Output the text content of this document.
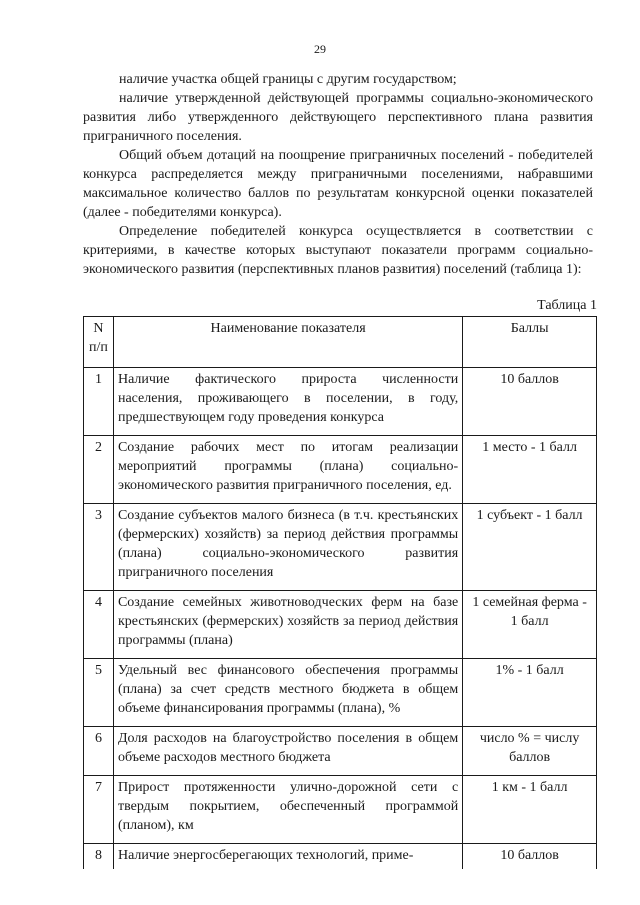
29

наличие участка общей границы с другим государством;

наличие утвержденной действующей программы социально-экономического развития либо утвержденного действующего перспективного плана развития приграничного поселения.

Общий объем дотаций на поощрение приграничных поселений - победителей конкурса распределяется между приграничными поселениями, набравшими максимальное количество баллов по результатам конкурсной оценки показателей (далее - победителями конкурса).

Определение победителей конкурса осуществляется в соответствии с критериями, в качестве которых выступают показатели программ социально-экономического развития (перспективных планов развития) поселений (таблица 1):

Таблица 1
N п/п	Наименование показателя	Баллы
1	Наличие фактического прироста численности населения, проживающего в поселении, в году, предшествующем году проведения конкурса	10 баллов
2	Создание рабочих мест по итогам реализации мероприятий программы (плана) социально-экономического развития приграничного поселения, ед.	1 место - 1 балл
3	Создание субъектов малого бизнеса (в т.ч. крестьянских (фермерских) хозяйств) за период действия программы (плана) социально-экономического развития приграничного поселения	1 субъект - 1 балл
4	Создание семейных животноводческих ферм на базе крестьянских (фермерских) хозяйств за период действия программы (плана)	1 семейная ферма - 1 балл
5	Удельный вес финансового обеспечения программы (плана) за счет средств местного бюджета в общем объеме финансирования программы (плана), %	1% - 1 балл
6	Доля расходов на благоустройство поселения в общем объеме расходов местного бюджета	число % = числу баллов
7	Прирост протяженности улично-дорожной сети с твердым покрытием, обеспеченный программой (планом), км	1 км - 1 балл
8	Наличие энергосберегающих технологий, приме-	10 баллов
